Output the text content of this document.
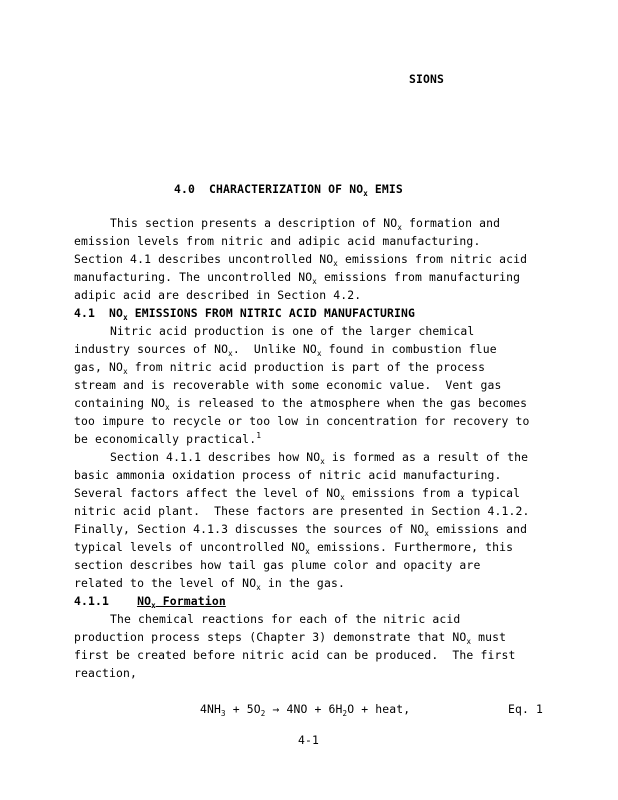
SIONS
4.0  CHARACTERIZATION OF $NO_x$ EMIS
This section presents a description of $NO_x$ formation and
emission levels from nitric and adipic acid manufacturing.
Section 4.1 describes uncontrolled $NO_x$ emissions from nitric acid
manufacturing. The uncontrolled $NO_x$ emissions from manufacturing
adipic acid are described in Section 4.2.
4.1 $NO_x$ EMISSIONS FROM NITRIC ACID MANUFACTURING
Nitric acid production is one of the larger chemical
industry sources of $NO_x$.  Unlike $NO_x$ found in combustion flue
gas, $NO_x$ from nitric acid production is part of the process
stream and is recoverable with some economic value.  Vent gas
containing $NO_x$ is released to the atmosphere when the gas becomes
too impure to recycle or too low in concentration for recovery to
be economically practical.$^1$
Section 4.1.1 describes how $NO_x$ is formed as a result of the
basic ammonia oxidation process of nitric acid manufacturing.
Several factors affect the level of $NO_x$ emissions from a typical
nitric acid plant.  These factors are presented in Section 4.1.2.
Finally, Section 4.1.3 discusses the sources of $NO_x$ emissions and
typical levels of uncontrolled $NO_x$ emissions. Furthermore, this
section describes how tail gas plume color and opacity are
related to the level of $NO_x$ in the gas.
4.1.1 $NO_x$ Formation
The chemical reactions for each of the nitric acid
production process steps (Chapter 3) demonstrate that $NO_x$ must
first be created before nitric acid can be produced.  The first
reaction,
$4NH_3 + 5O_2 \to 4NO + 6H_2O$ + heat,	Eq. 1
4-1
